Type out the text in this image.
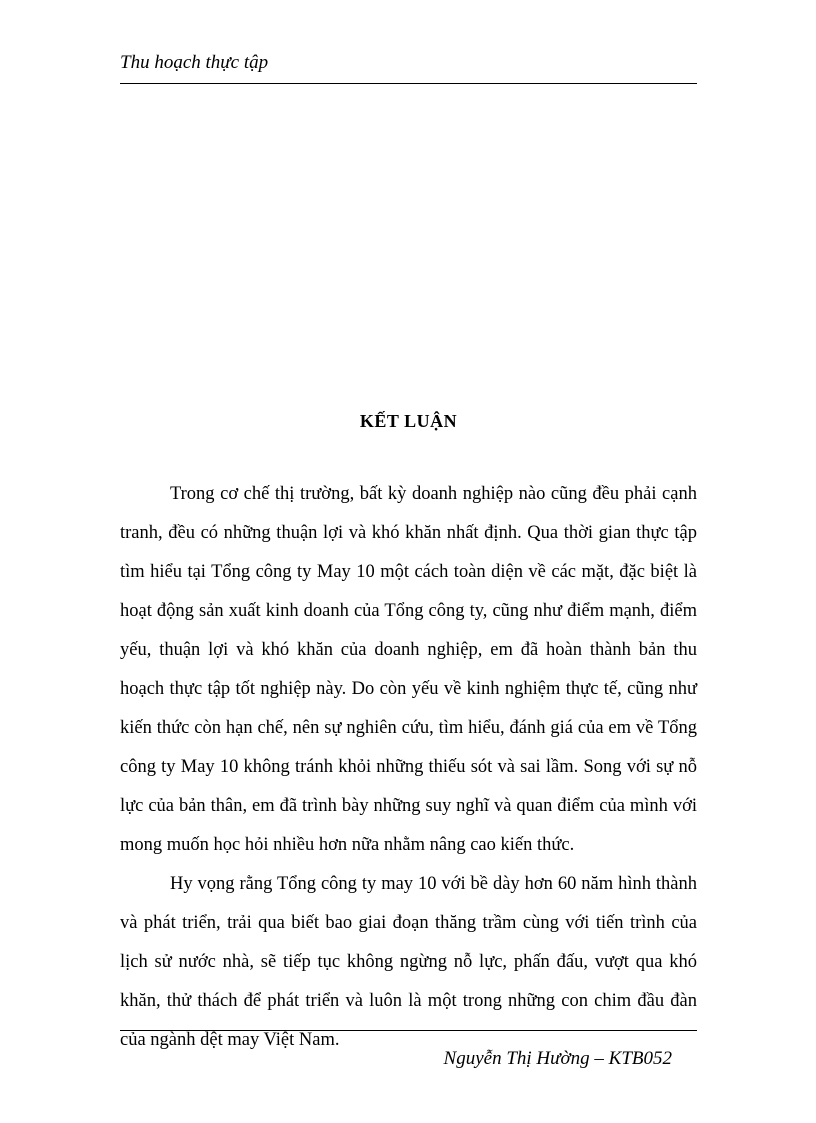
Thu hoạch thực tập
KẾT LUẬN

Trong cơ chế thị trường, bất kỳ doanh nghiệp nào cũng đều phải cạnh tranh, đều có những thuận lợi và khó khăn nhất định. Qua thời gian thực tập tìm hiểu tại Tổng công ty May 10 một cách toàn diện về các mặt, đặc biệt là hoạt động sản xuất kinh doanh của Tổng công ty, cũng như điểm mạnh, điểm yếu, thuận lợi và khó khăn của doanh nghiệp, em đã hoàn thành bản thu hoạch thực tập tốt nghiệp này. Do còn yếu về kinh nghiệm thực tế, cũng như kiến thức còn hạn chế, nên sự nghiên cứu, tìm hiểu, đánh giá của em về Tổng công ty May 10 không tránh khỏi những thiếu sót và sai lầm. Song với sự nỗ lực của bản thân, em đã trình bày những suy nghĩ và quan điểm của mình với mong muốn học hỏi nhiều hơn nữa nhằm nâng cao kiến thức.

Hy vọng rằng Tổng công ty may 10 với bề dày hơn 60 năm hình thành và phát triển, trải qua biết bao giai đoạn thăng trầm cùng với tiến trình của lịch sử nước nhà, sẽ tiếp tục không ngừng nỗ lực, phấn đấu, vượt qua khó khăn, thử thách để phát triển và luôn là một trong những con chim đầu đàn của ngành dệt may Việt Nam.

Nguyễn Thị Hường – KTB052
